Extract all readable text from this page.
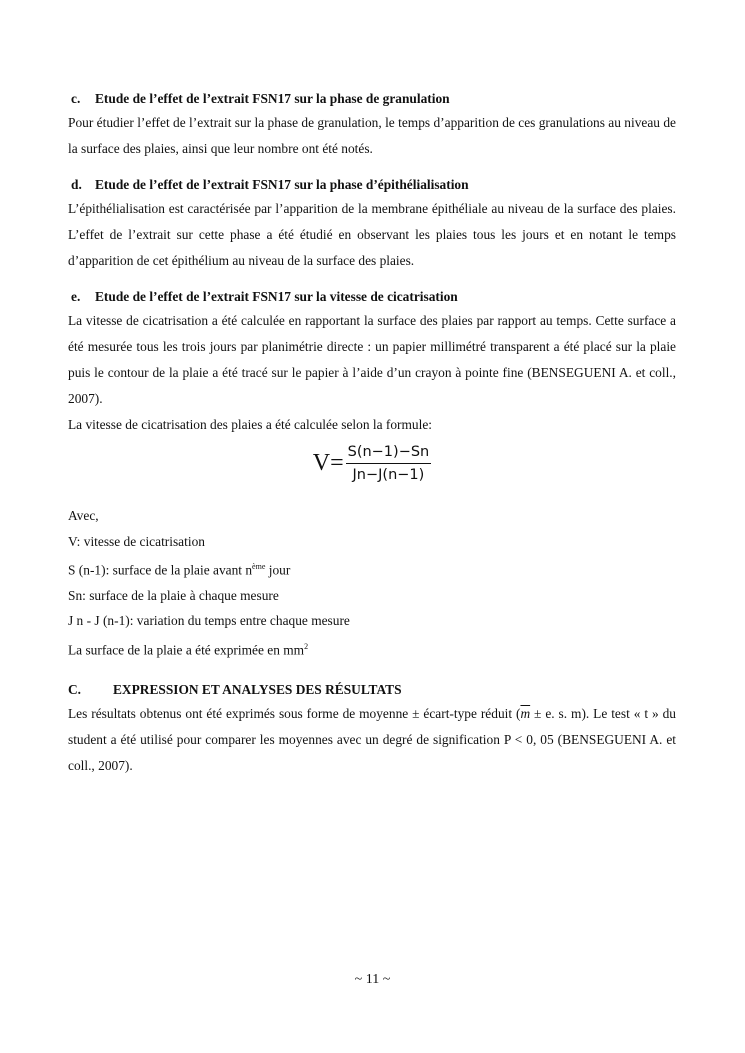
c. Etude de l’effet de l’extrait FSN17 sur la phase de granulation

Pour étudier l’effet de l’extrait sur la phase de granulation, le temps d’apparition de ces granulations au niveau de la surface des plaies, ainsi que leur nombre ont été notés.

d. Etude de l’effet de l’extrait FSN17 sur la phase d’épithélialisation

L’épithélialisation est caractérisée par l’apparition de la membrane épithéliale au niveau de la surface des plaies. L’effet de l’extrait sur cette phase a été étudié en observant les plaies tous les jours et en notant le temps d’apparition de cet épithélium au niveau de la surface des plaies.

e. Etude de l’effet de l’extrait FSN17 sur la vitesse de cicatrisation

La vitesse de cicatrisation a été calculée en rapportant la surface des plaies par rapport au temps. Cette surface a été mesurée tous les trois jours par planimétrie directe : un papier millimétré transparent a été placé sur la plaie puis le contour de la plaie a été tracé sur le papier à l’aide d’un crayon à pointe fine (BENSEGUENI A. et coll., 2007).

La vitesse de cicatrisation des plaies a été calculée selon la formule:

$V= \frac{S(n-1)-Sn}{Jn-J(n-1)}$

Avec,

V: vitesse de cicatrisation

S (n-1): surface de la plaie avant $n^{ème}$ jour

Sn: surface de la plaie à chaque mesure

J n - J (n-1): variation du temps entre chaque mesure

La surface de la plaie a été exprimée en $mm^2$

C. EXPRESSION ET ANALYSES DES RÉSULTATS

Les résultats obtenus ont été exprimés sous forme de moyenne ± écart-type réduit ($\overline{m} \pm e$. s. m). Le test « t » du student a été utilisé pour comparer les moyennes avec un degré de signification P < 0, 05 (BENSEGUENI A. et coll., 2007).

~ 11 ~
